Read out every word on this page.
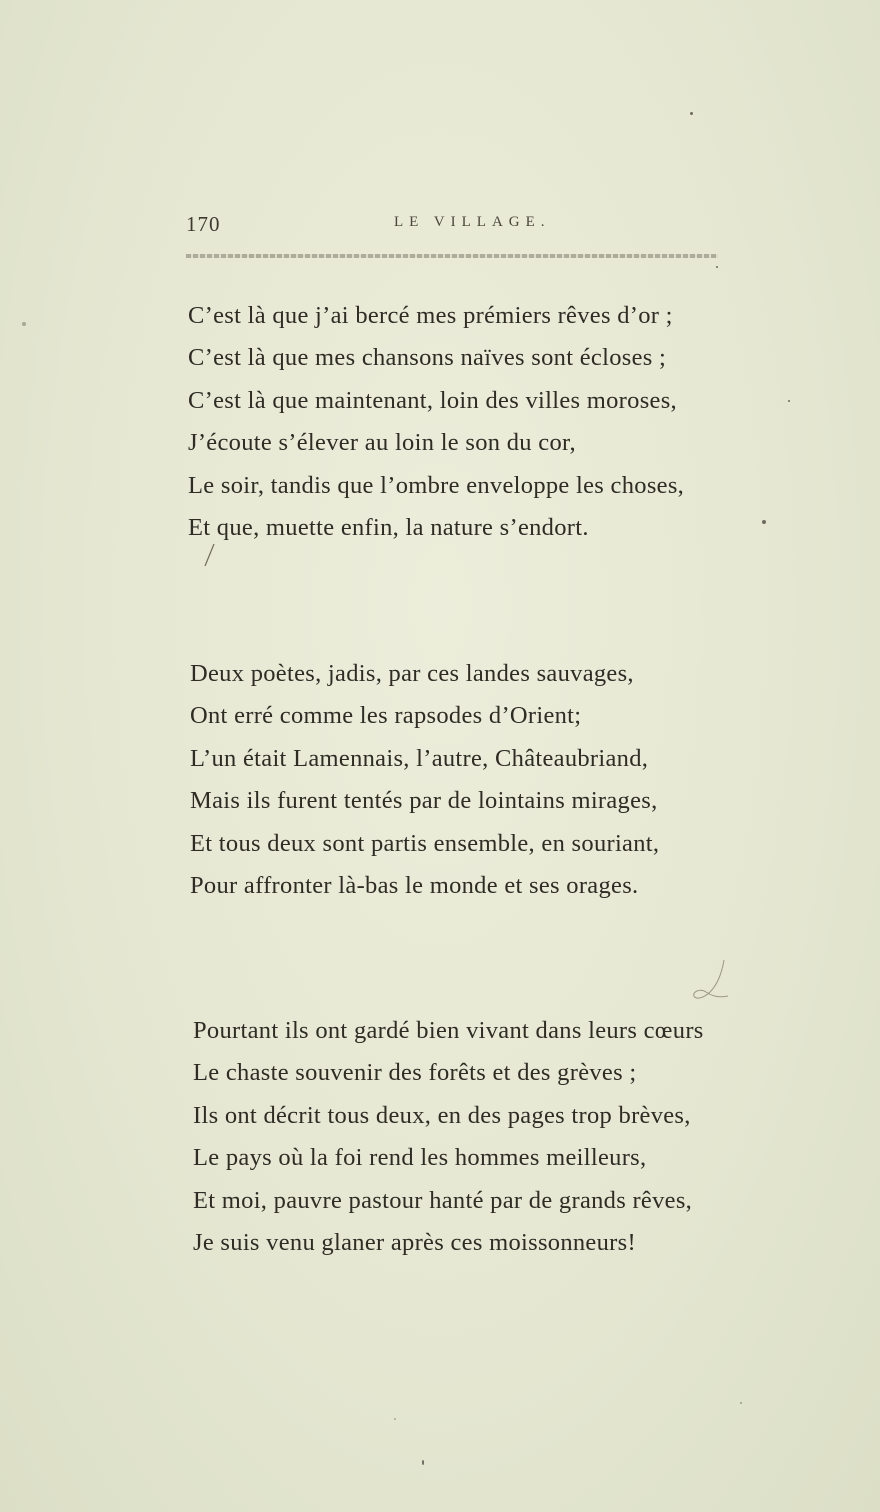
170	LE VILLAGE.
C’est là que j’ai bercé mes prémiers rêves d’or ;
C’est là que mes chansons naïves sont écloses ;
C’est là que maintenant, loin des villes moroses,
J’écoute s’élever au loin le son du cor,
Le soir, tandis que l’ombre enveloppe les choses,
Et que, muette enfin, la nature s’endort.
Deux poètes, jadis, par ces landes sauvages,
Ont erré comme les rapsodes d’Orient;
L’un était Lamennais, l’autre, Châteaubriand,
Mais ils furent tentés par de lointains mirages,
Et tous deux sont partis ensemble, en souriant,
Pour affronter là-bas le monde et ses orages.
Pourtant ils ont gardé bien vivant dans leurs cœurs
Le chaste souvenir des forêts et des grèves ;
Ils ont décrit tous deux, en des pages trop brèves,
Le pays où la foi rend les hommes meilleurs,
Et moi, pauvre pastour hanté par de grands rêves,
Je suis venu glaner après ces moissonneurs!
